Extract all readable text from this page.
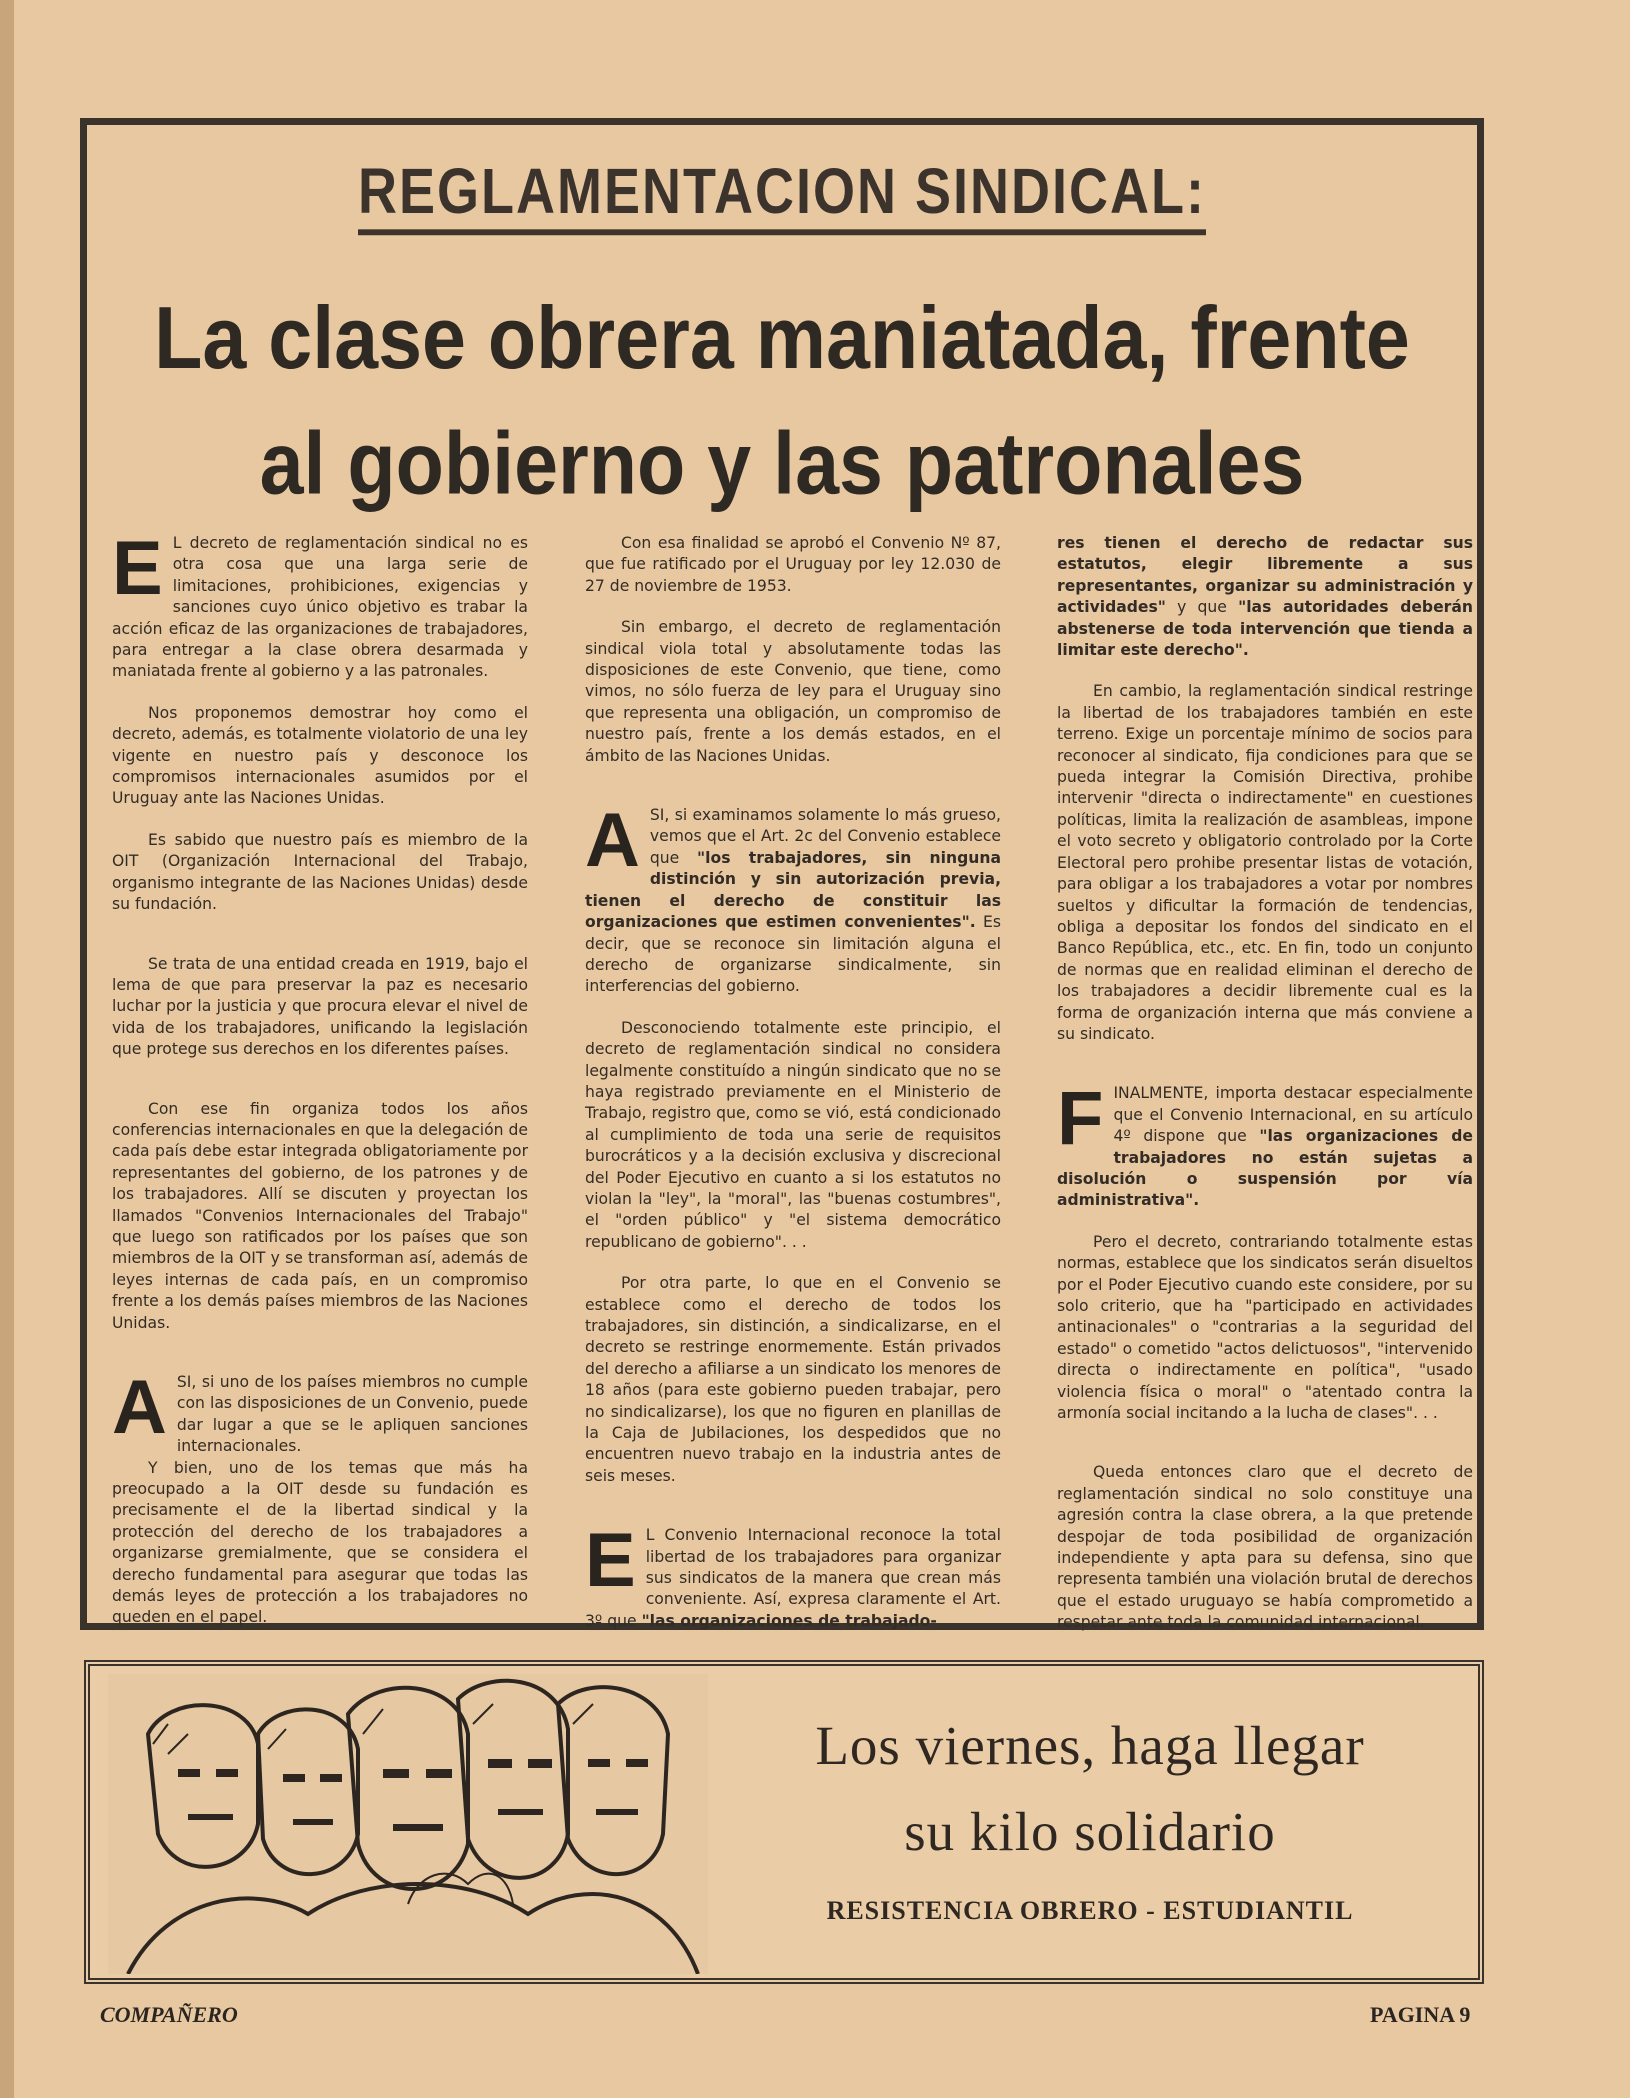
REGLAMENTACION SINDICAL:
La clase obrera maniatada, frente
al gobierno y las patronales

E L decreto de reglamentación sindical no es otra cosa que una larga serie de limitaciones, prohibiciones, exigencias y sanciones cuyo único objetivo es trabar la acción eficaz de las organizaciones de trabajadores, para entregar a la clase obrera desarmada y maniatada frente al gobierno y a las patronales.

Nos proponemos demostrar hoy como el decreto, además, es totalmente violatorio de una ley vigente en nuestro país y desconoce los compromisos internacionales asumidos por el Uruguay ante las Naciones Unidas.

Es sabido que nuestro país es miembro de la OIT (Organización Internacional del Trabajo, organismo integrante de las Naciones Unidas) desde su fundación.

Se trata de una entidad creada en 1919, bajo el lema de que para preservar la paz es necesario luchar por la justicia y que procura elevar el nivel de vida de los trabajadores, unificando la legislación que protege sus derechos en los diferentes países.

Con ese fin organiza todos los años conferencias internacionales en que la delegación de cada país debe estar integrada obligatoriamente por representantes del gobierno, de los patrones y de los trabajadores. Allí se discuten y proyectan los llamados "Convenios Internacionales del Trabajo" que luego son ratificados por los países que son miembros de la OIT y se transforman así, además de leyes internas de cada país, en un compromiso frente a los demás países miembros de las Naciones Unidas.

ASI, si uno de los países miembros no cumple con las disposiciones de un Convenio, puede dar lugar a que se le apliquen sanciones internacionales.

Y bien, uno de los temas que más ha preocupado a la OIT desde su fundación es precisamente el de la libertad sindical y la protección del derecho de los trabajadores a organizarse gremialmente, que se considera el derecho fundamental para asegurar que todas las demás leyes de protección a los trabajadores no queden en el papel.

Con esa finalidad se aprobó el Convenio Nº 87, que fue ratificado por el Uruguay por ley 12.030 de 27 de noviembre de 1953.

Sin embargo, el decreto de reglamentación sindical viola total y absolutamente todas las disposiciones de este Convenio, que tiene, como vimos, no sólo fuerza de ley para el Uruguay sino que representa una obligación, un compromiso de nuestro país, frente a los demás estados, en el ámbito de las Naciones Unidas.

ASI, si examinamos solamente lo más grueso, vemos que el Art. 2c del Convenio establece que "los trabajadores, sin ninguna distinción y sin autorización previa, tienen el derecho de constituir las organizaciones que estimen convenientes". Es decir, que se reconoce sin limitación alguna el derecho de organizarse sindicalmente, sin interferencias del gobierno.

Desconociendo totalmente este principio, el decreto de reglamentación sindical no considera legalmente constituído a ningún sindicato que no se haya registrado previamente en el Ministerio de Trabajo, registro que, como se vió, está condicionado al cumplimiento de toda una serie de requisitos burocráticos y a la decisión exclusiva y discrecional del Poder Ejecutivo en cuanto a si los estatutos no violan la "ley", la "moral", las "buenas costumbres", el "orden público" y "el sistema democrático republicano de gobierno". . .

Por otra parte, lo que en el Convenio se establece como el derecho de todos los trabajadores, sin distinción, a sindicalizarse, en el decreto se restringe enormemente. Están privados del derecho a afiliarse a un sindicato los menores de 18 años (para este gobierno pueden trabajar, pero no sindicalizarse), los que no figuren en planillas de la Caja de Jubilaciones, los despedidos que no encuentren nuevo trabajo en la industria antes de seis meses.

E L Convenio Internacional reconoce la total libertad de los trabajadores para organizar sus sindicatos de la manera que crean más conveniente. Así, expresa claramente el Art. 3º que "las organizaciones de trabajado-

res tienen el derecho de redactar sus estatutos, elegir libremente a sus representantes, organizar su administración y actividades" y que "las autoridades deberán abstenerse de toda intervención que tienda a limitar este derecho".

En cambio, la reglamentación sindical restringe la libertad de los trabajadores también en este terreno. Exige un porcentaje mínimo de socios para reconocer al sindicato, fija condiciones para que se pueda integrar la Comisión Directiva, prohibe intervenir "directa o indirectamente" en cuestiones políticas, limita la realización de asambleas, impone el voto secreto y obligatorio controlado por la Corte Electoral pero prohibe presentar listas de votación, para obligar a los trabajadores a votar por nombres sueltos y dificultar la formación de tendencias, obliga a depositar los fondos del sindicato en el Banco República, etc., etc. En fin, todo un conjunto de normas que en realidad eliminan el derecho de los trabajadores a decidir libremente cual es la forma de organización interna que más conviene a su sindicato.

FINALMENTE, importa destacar especialmente que el Convenio Internacional, en su artículo 4º dispone que "las organizaciones de trabajadores no están sujetas a disolución o suspensión por vía administrativa".

Pero el decreto, contrariando totalmente estas normas, establece que los sindicatos serán disueltos por el Poder Ejecutivo cuando este considere, por su solo criterio, que ha "participado en actividades antinacionales" o "contrarias a la seguridad del estado" o cometido "actos delictuosos", "intervenido directa o indirectamente en política", "usado violencia física o moral" o "atentado contra la armonía social incitando a la lucha de clases". . .

Queda entonces claro que el decreto de reglamentación sindical no solo constituye una agresión contra la clase obrera, a la que pretende despojar de toda posibilidad de organización independiente y apta para su defensa, sino que representa también una violación brutal de derechos que el estado uruguayo se había comprometido a respetar ante toda la comunidad internacional.

Los viernes, haga llegar
su kilo solidario
RESISTENCIA OBRERO - ESTUDIANTIL
COMPAÑERO	PAGINA 9
